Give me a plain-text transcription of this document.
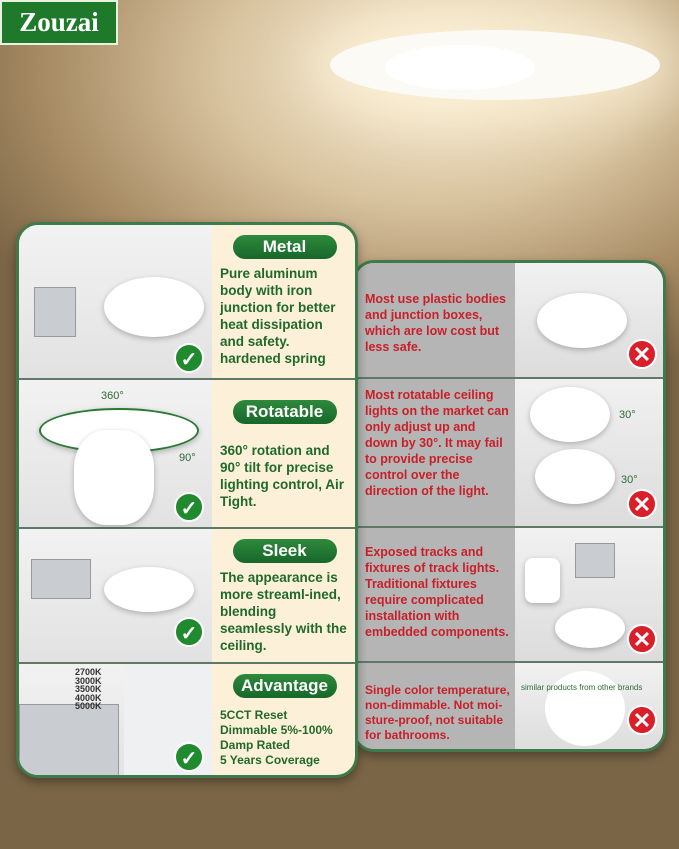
Zouzai

Most use plastic bodies and junction boxes, which are low cost but less safe.	✕

Most rotatable ceiling lights on the market can only adjust up and down by 30°. It may fail to provide precise control over the direction of the light.

30°
30°
✕

Exposed tracks and fixtures of track lights. Traditional fixtures require complicated installation with embedded components.	✕

Single color temperature, non-dimmable. Not moi-sture-proof, not suitable for bathrooms.

similar products from other brands
✕
✓
Metal

Pure aluminum body with iron junction for better heat dissipation and safety. hardened spring

360°
90°
✓
Rotatable

360° rotation and 90° tilt for precise lighting control, Air Tight.

✓
Sleek

The appearance is more streaml-ined, blending seamlessly with the ceiling.

2700K
3000K
3500K
4000K
5000K
✓
Advantage

5CCT Reset

Dimmable 5%-100%

Damp Rated

5 Years Coverage
